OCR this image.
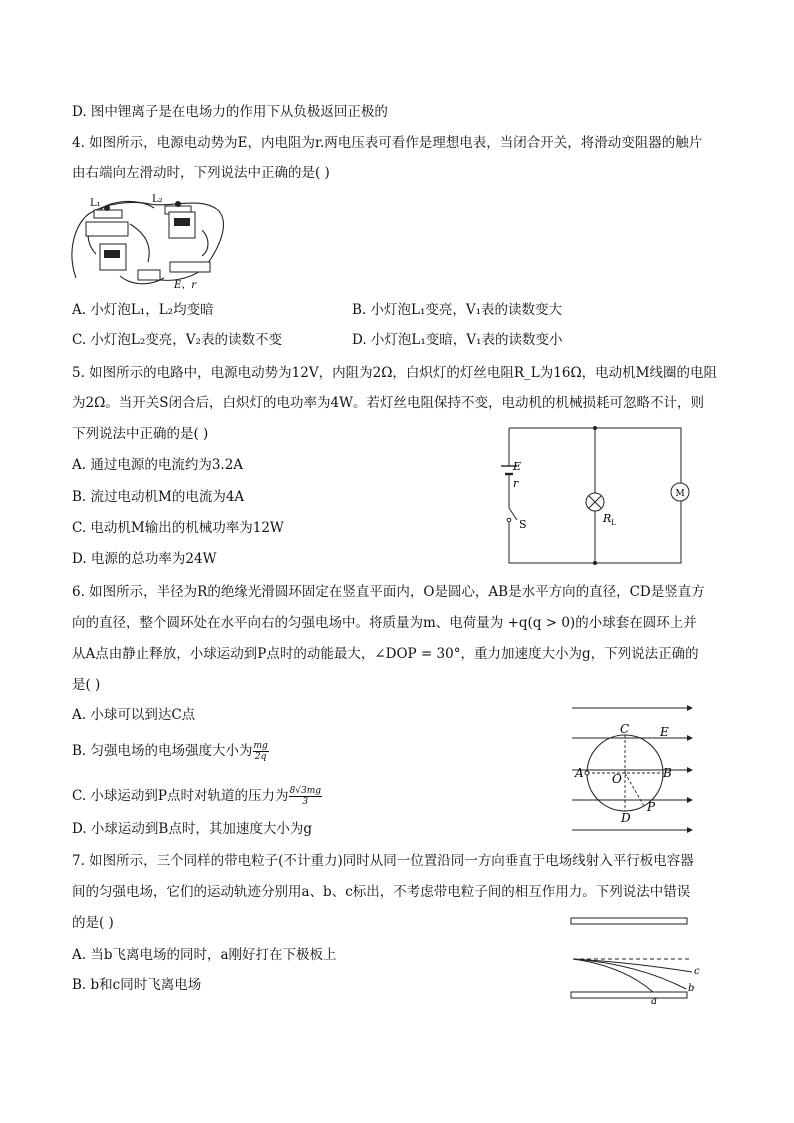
D. 图中锂离子是在电场力的作用下从负极返回正极的
4. 如图所示，电源电动势为E，内电阻为r.两电压表可看作是理想电表，当闭合开关，将滑动变阻器的触片
由右端向左滑动时，下列说法中正确的是( )
L₁	L₂
E、r
A. 小灯泡L₁，L₂均变暗	B. 小灯泡L₁变亮，V₁表的读数变大
C. 小灯泡L₂变亮，V₂表的读数不变	D. 小灯泡L₁变暗，V₁表的读数变小
5. 如图所示的电路中，电源电动势为12V，内阻为2Ω，白炽灯的灯丝电阻R_L为16Ω，电动机M线圈的电阻
为2Ω。当开关S闭合后，白炽灯的电功率为4W。若灯丝电阻保持不变，电动机的机械损耗可忽略不计，则
下列说法中正确的是( )
A. 通过电源的电流约为3.2A
B. 流过电动机M的电流为4A
C. 电动机M输出的机械功率为12W
D. 电源的总功率为24W
E
r
S	R L
M
6. 如图所示，半径为R的绝缘光滑圆环固定在竖直平面内，O是圆心，AB是水平方向的直径，CD是竖直方
向的直径，整个圆环处在水平向右的匀强电场中。将质量为m、电荷量为 +q(q > 0)的小球套在圆环上并
从A点由静止释放，小球运动到P点时的动能最大，∠DOP = 30°，重力加速度大小为g，下列说法正确的
是( )
A. 小球可以到达C点
B. 匀强电场的电场强度大小为 $\frac{mg}{2q}$
C. 小球运动到P点时对轨道的压力为 $\frac{8√3mg}{3}$
D. 小球运动到B点时，其加速度大小为g
C	E
A O	B
P
D
7. 如图所示，三个同样的带电粒子(不计重力)同时从同一位置沿同一方向垂直于电场线射入平行板电容器
间的匀强电场，它们的运动轨迹分别用a、b、c标出，不考虑带电粒子间的相互作用力。下列说法中错误
的是( )
A. 当b飞离电场的同时，a刚好打在下极板上
B. b和c同时飞离电场
c
b
a
